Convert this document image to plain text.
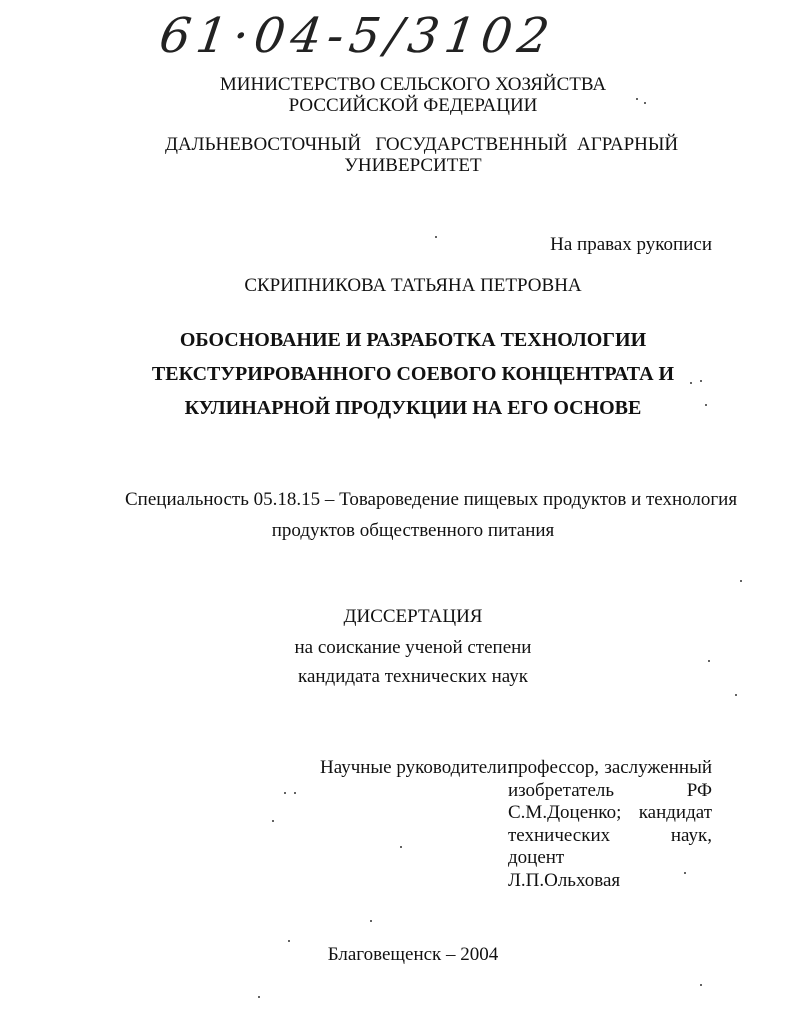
61·04-5/3102
МИНИСТЕРСТВО СЕЛЬСКОГО ХОЗЯЙСТВА
РОССИЙСКОЙ ФЕДЕРАЦИИ
ДАЛЬНЕВОСТОЧНЫЙ   ГОСУДАРСТВЕННЫЙ  АГРАРНЫЙ
УНИВЕРСИТЕТ
На правах рукописи
СКРИПНИКОВА ТАТЬЯНА ПЕТРОВНА
ОБОСНОВАНИЕ И РАЗРАБОТКА ТЕХНОЛОГИИ
ТЕКСТУРИРОВАННОГО СОЕВОГО КОНЦЕНТРАТА И
КУЛИНАРНОЙ ПРОДУКЦИИ НА ЕГО ОСНОВЕ
Специальность 05.18.15 – Товароведение пищевых продуктов и технология
продуктов общественного питания
ДИССЕРТАЦИЯ
на соискание ученой степени
кандидата технических наук
Научные руководители:
профессор, заслуженный
изобретатель РФ
С.М.Доценко; кандидат
технических наук, доцент
Л.П.Ольховая
Благовещенск – 2004
